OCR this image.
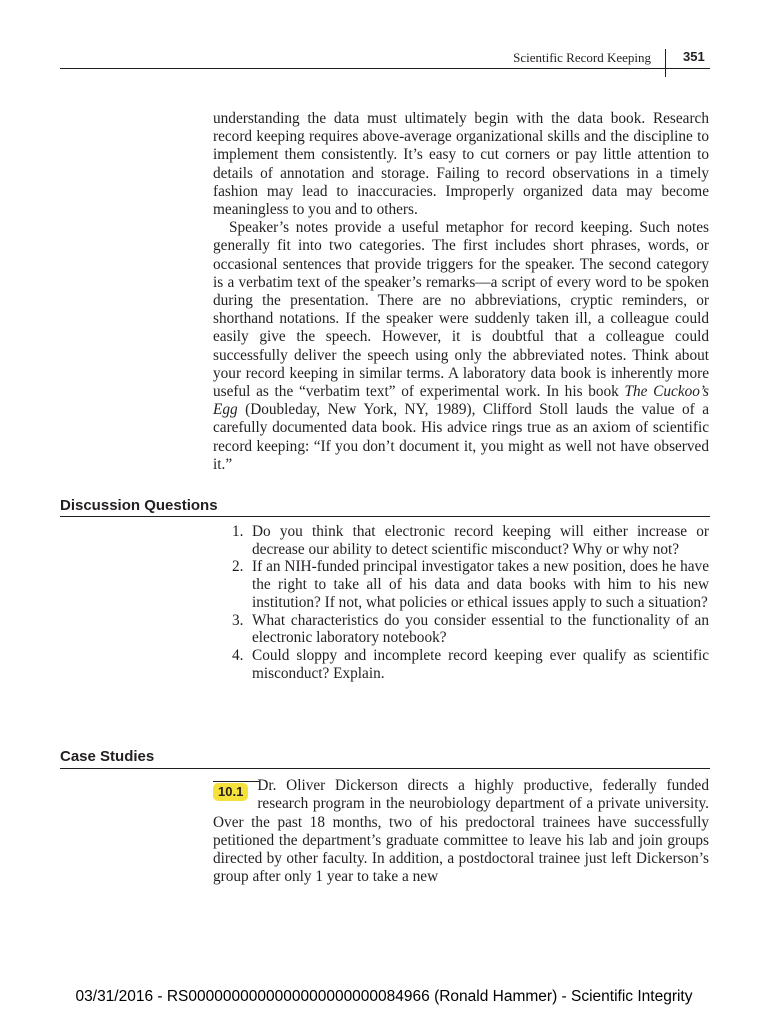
Scientific Record Keeping 351

understanding the data must ultimately begin with the data book. Research record keeping requires above-average organizational skills and the discipline to implement them consistently. It’s easy to cut corners or pay little attention to details of annotation and storage. Failing to record observations in a timely fashion may lead to inaccuracies. Improperly organized data may become meaningless to you and to others.

Speaker’s notes provide a useful metaphor for record keeping. Such notes generally fit into two categories. The first includes short phrases, words, or occasional sentences that provide triggers for the speaker. The second category is a verbatim text of the speaker’s remarks—a script of every word to be spoken during the presentation. There are no abbreviations, cryptic reminders, or shorthand notations. If the speaker were suddenly taken ill, a colleague could easily give the speech. However, it is doubtful that a colleague could successfully deliver the speech using only the abbreviated notes. Think about your record keeping in similar terms. A laboratory data book is inherently more useful as the “verbatim text” of experimental work. In his book The Cuckoo’s Egg (Doubleday, New York, NY, 1989), Clifford Stoll lauds the value of a carefully documented data book. His advice rings true as an axiom of scientific record keeping: “If you don’t document it, you might as well not have observed it.”

Discussion Questions
1. Do you think that electronic record keeping will either increase or decrease our ability to detect scientific misconduct? Why or why not?
2. If an NIH-funded principal investigator takes a new position, does he have the right to take all of his data and data books with him to his new institution? If not, what policies or ethical issues apply to such a situation?
3. What characteristics do you consider essential to the functionality of an electronic laboratory notebook?
4. Could sloppy and incomplete record keeping ever qualify as scientific misconduct? Explain.
Case Studies
10.1 Dr. Oliver Dickerson directs a highly productive, federally funded research program in the neurobiology department of a private university. Over the past 18 months, two of his predoctoral trainees have successfully petitioned the department’s graduate committee to leave his lab and join groups directed by other faculty. In addition, a postdoctoral trainee just left Dickerson’s group after only 1 year to take a new
03/31/2016 - RS0000000000000000000000084966 (Ronald Hammer) - Scientific Integrity
